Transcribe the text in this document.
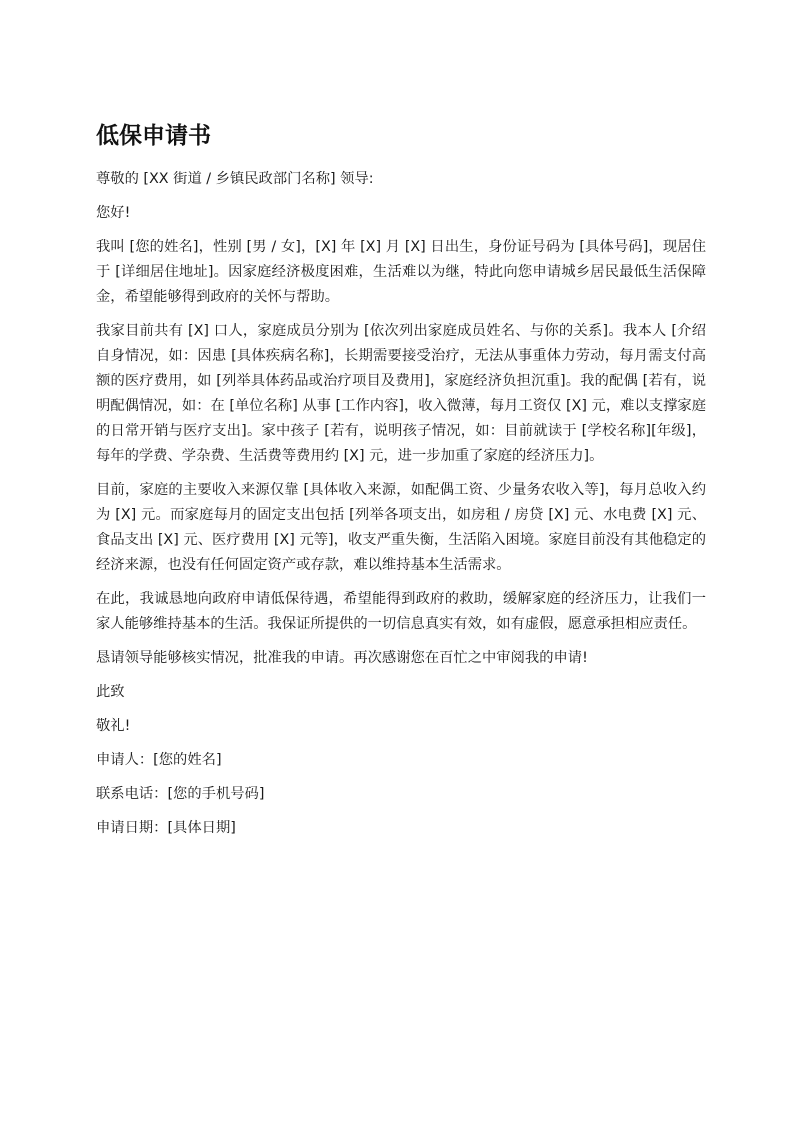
低保申请书

尊敬的 [XX 街道 / 乡镇民政部门名称] 领导:

您好!

我叫 [您的姓名]，性别 [男 / 女]，[X] 年 [X] 月 [X] 日出生，身份证号码为 [具体号码]，现居住于 [详细居住地址]。因家庭经济极度困难，生活难以为继，特此向您申请城乡居民最低生活保障金，希望能够得到政府的关怀与帮助。

我家目前共有 [X] 口人，家庭成员分别为 [依次列出家庭成员姓名、与你的关系]。我本人 [介绍自身情况，如：因患 [具体疾病名称]，长期需要接受治疗，无法从事重体力劳动，每月需支付高额的医疗费用，如 [列举具体药品或治疗项目及费用]，家庭经济负担沉重]。我的配偶 [若有，说明配偶情况，如：在 [单位名称] 从事 [工作内容]，收入微薄，每月工资仅 [X] 元，难以支撑家庭的日常开销与医疗支出]。家中孩子 [若有，说明孩子情况，如：目前就读于 [学校名称][年级]，每年的学费、学杂费、生活费等费用约 [X] 元，进一步加重了家庭的经济压力]。

目前，家庭的主要收入来源仅靠 [具体收入来源，如配偶工资、少量务农收入等]，每月总收入约为 [X] 元。而家庭每月的固定支出包括 [列举各项支出，如房租 / 房贷 [X] 元、水电费 [X] 元、食品支出 [X] 元、医疗费用 [X] 元等]，收支严重失衡，生活陷入困境。家庭目前没有其他稳定的经济来源，也没有任何固定资产或存款，难以维持基本生活需求。

在此，我诚恳地向政府申请低保待遇，希望能得到政府的救助，缓解家庭的经济压力，让我们一家人能够维持基本的生活。我保证所提供的一切信息真实有效，如有虚假，愿意承担相应责任。

恳请领导能够核实情况，批准我的申请。再次感谢您在百忙之中审阅我的申请!

此致

敬礼!

申请人：[您的姓名]

联系电话：[您的手机号码]

申请日期：[具体日期]
